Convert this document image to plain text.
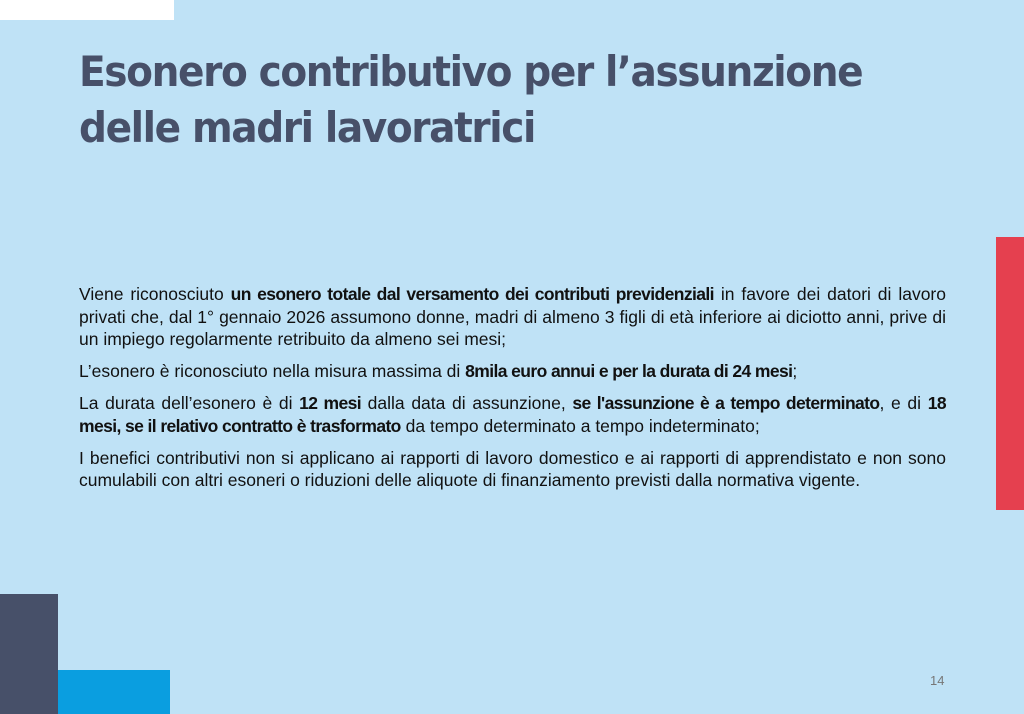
Esonero contributivo per l’assunzione
delle madri lavoratrici

Viene riconosciuto un esonero totale dal versamento dei contributi previdenziali in favore dei datori di lavoro privati che, dal 1° gennaio 2026 assumono donne, madri di almeno 3 figli di età inferiore ai diciotto anni, prive di un impiego regolarmente retribuito da almeno sei mesi;

L’esonero è riconosciuto nella misura massima di 8mila euro annui e per la durata di 24 mesi;

La durata dell’esonero è di 12 mesi dalla data di assunzione, se l'assunzione è a tempo determinato, e di 18 mesi, se il relativo contratto è trasformato da tempo determinato a tempo indeterminato;

I benefici contributivi non si applicano ai rapporti di lavoro domestico e ai rapporti di apprendistato e non sono cumulabili con altri esoneri o riduzioni delle aliquote di finanziamento previsti dalla normativa vigente.

14
